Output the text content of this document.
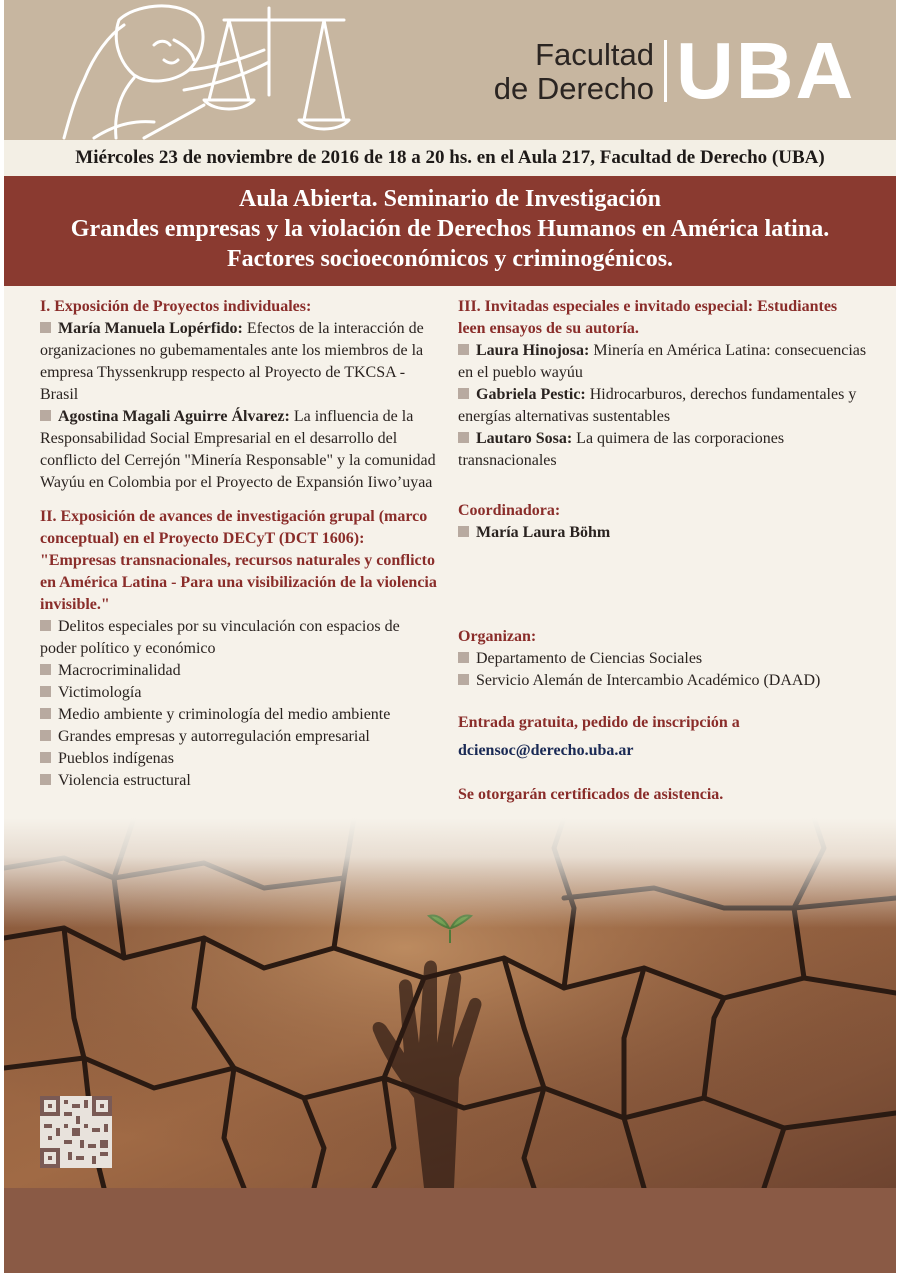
Facultad
de Derecho UBA
Miércoles 23 de noviembre de 2016 de 18 a 20 hs. en el Aula 217, Facultad de Derecho (UBA)
Aula Abierta. Seminario de Investigación
Grandes empresas y la violación de Derechos Humanos en América latina.
Factores socioeconómicos y criminogénicos.
I. Exposición de Proyectos individuales:

María Manuela Lopérfido: Efectos de la interacción de organizaciones no gubemamentales ante los miembros de la empresa Thyssenkrupp respecto al Proyecto de TKCSA - Brasil

Agostina Magali Aguirre Álvarez: La influencia de la Responsabilidad Social Empresarial en el desarrollo del conflicto del Cerrejón "Minería Responsable" y la comunidad Wayúu en Colombia por el Proyecto de Expansión Iiwo’uyaa

II. Exposición de avances de investigación grupal (marco conceptual) en el Proyecto DECyT (DCT 1606): "Empresas transnacionales, recursos naturales y conflicto en América Latina - Para una visibilización de la violencia invisible."

Delitos especiales por su vinculación con espacios de poder político y económico

Macrocriminalidad

Victimología

Medio ambiente y criminología del medio ambiente

Grandes empresas y autorregulación empresarial

Pueblos indígenas

Violencia estructural

III. Invitadas especiales e invitado especial: Estudiantes leen ensayos de su autoría.

Laura Hinojosa: Minería en América Latina: consecuencias en el pueblo wayúu

Gabriela Pestic: Hidrocarburos, derechos fundamentales y energías alternativas sustentables

Lautaro Sosa: La quimera de las corporaciones transnacionales

Coordinadora:

María Laura Böhm

Organizan:

Departamento de Ciencias Sociales

Servicio Alemán de Intercambio Académico (DAAD)

Entrada gratuita, pedido de inscripción a
dciensoc@derecho.uba.ar
Se otorgarán certificados de asistencia.
